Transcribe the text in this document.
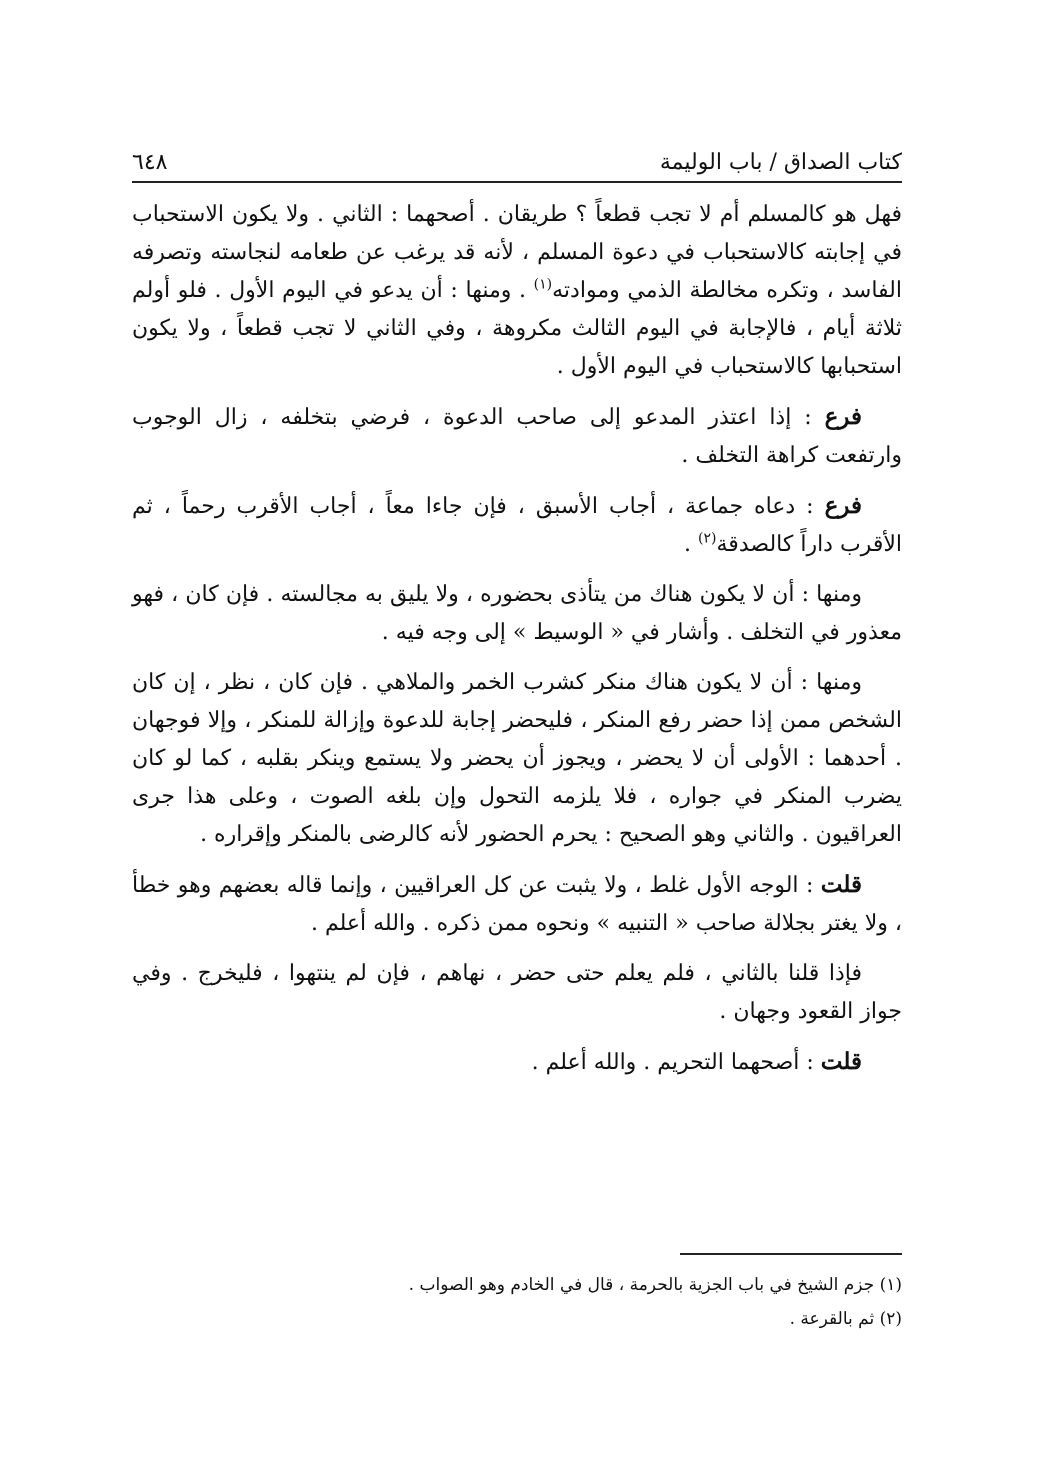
كتاب الصداق / باب الوليمة
٦٤٨

فهل هو كالمسلم أم لا تجب قطعاً ؟ طريقان . أصحهما : الثاني . ولا يكون الاستحباب في إجابته كالاستحباب في دعوة المسلم ، لأنه قد يرغب عن طعامه لنجاسته وتصرفه الفاسد ، وتكره مخالطة الذمي وموادته$^{(١)}$ . ومنها : أن يدعو في اليوم الأول . فلو أولم ثلاثة أيام ، فالإجابة في اليوم الثالث مكروهة ، وفي الثاني لا تجب قطعاً ، ولا يكون استحبابها كالاستحباب في اليوم الأول .

فرع : إذا اعتذر المدعو إلى صاحب الدعوة ، فرضي بتخلفه ، زال الوجوب وارتفعت كراهة التخلف .

فرع : دعاه جماعة ، أجاب الأسبق ، فإن جاءا معاً ، أجاب الأقرب رحماً ، ثم الأقرب داراً كالصدقة$^{(٢)}$ .

ومنها : أن لا يكون هناك من يتأذى بحضوره ، ولا يليق به مجالسته . فإن كان ، فهو معذور في التخلف . وأشار في « الوسيط » إلى وجه فيه .

ومنها : أن لا يكون هناك منكر كشرب الخمر والملاهي . فإن كان ، نظر ، إن كان الشخص ممن إذا حضر رفع المنكر ، فليحضر إجابة للدعوة وإزالة للمنكر ، وإلا فوجهان . أحدهما : الأولى أن لا يحضر ، ويجوز أن يحضر ولا يستمع وينكر بقلبه ، كما لو كان يضرب المنكر في جواره ، فلا يلزمه التحول وإن بلغه الصوت ، وعلى هذا جرى العراقيون . والثاني وهو الصحيح : يحرم الحضور لأنه كالرضى بالمنكر وإقراره .

قلت : الوجه الأول غلط ، ولا يثبت عن كل العراقيين ، وإنما قاله بعضهم وهو خطأ ، ولا يغتر بجلالة صاحب « التنبيه » ونحوه ممن ذكره . والله أعلم .

فإذا قلنا بالثاني ، فلم يعلم حتى حضر ، نهاهم ، فإن لم ينتهوا ، فليخرج . وفي جواز القعود وجهان .

قلت : أصحهما التحريم . والله أعلم .

(١) جزم الشيخ في باب الجزية بالحرمة ، قال في الخادم وهو الصواب .
(٢) ثم بالقرعة .
